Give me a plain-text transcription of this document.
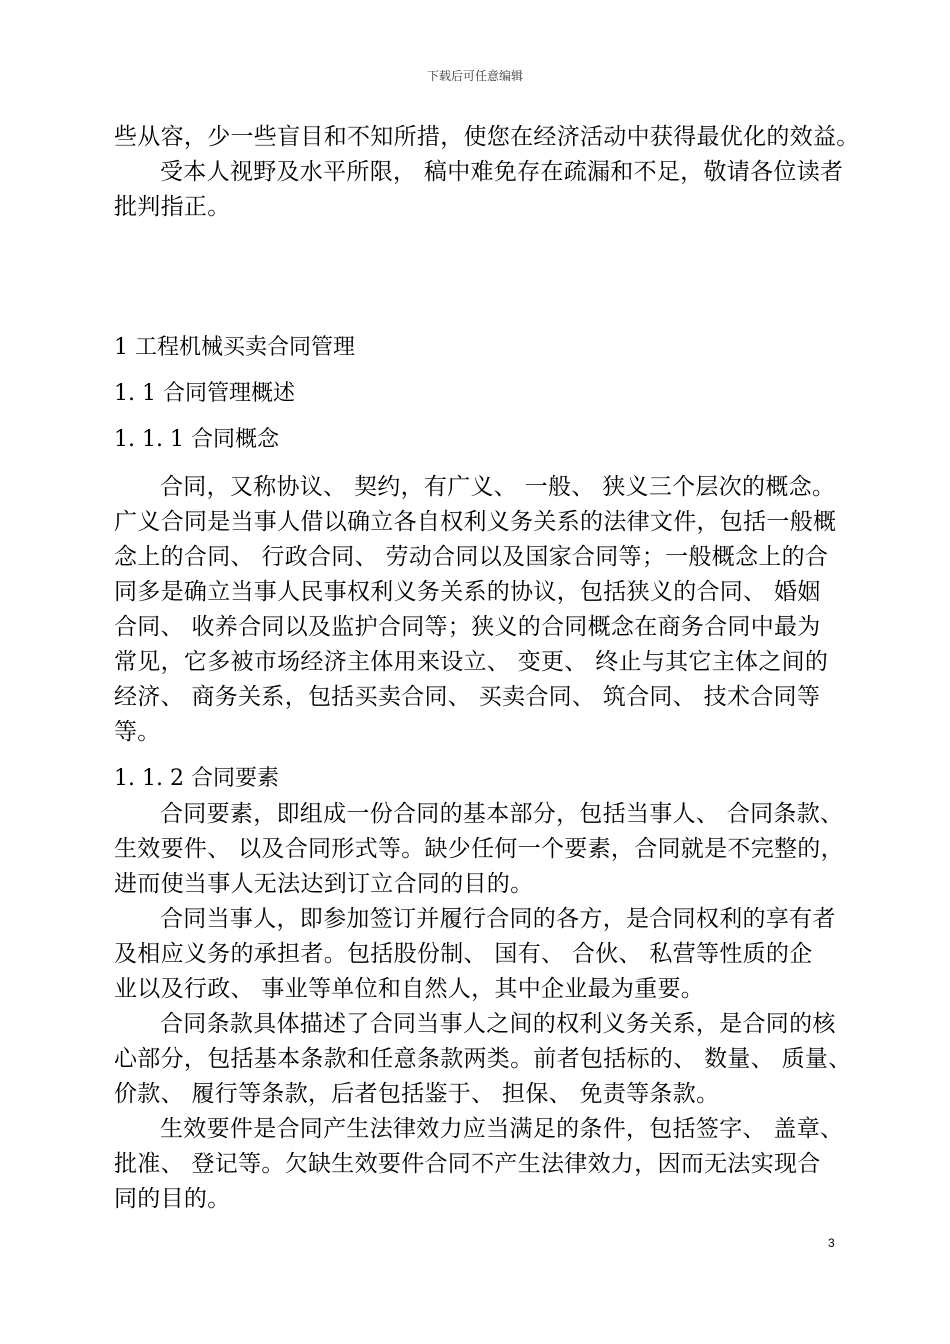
下载后可任意编辑
些从容，少一些盲目和不知所措，使您在经济活动中获得最优化的效益。
受本人视野及水平所限， 稿中难免存在疏漏和不足，敬请各位读者
批判指正。
1 工程机械买卖合同管理
1. 1 合同管理概述
1. 1. 1 合同概念
合同，又称协议、 契约，有广义、 一般、 狭义三个层次的概念。
广义合同是当事人借以确立各自权利义务关系的法律文件，包括一般概
念上的合同、 行政合同、 劳动合同以及国家合同等；一般概念上的合
同多是确立当事人民事权利义务关系的协议，包括狭义的合同、 婚姻
合同、 收养合同以及监护合同等；狭义的合同概念在商务合同中最为
常见，它多被市场经济主体用来设立、 变更、 终止与其它主体之间的
经济、 商务关系，包括买卖合同、 买卖合同、 筑合同、 技术合同等
等。
1. 1. 2 合同要素
合同要素，即组成一份合同的基本部分，包括当事人、 合同条款、
生效要件、 以及合同形式等。缺少任何一个要素，合同就是不完整的，
进而使当事人无法达到订立合同的目的。
合同当事人，即参加签订并履行合同的各方，是合同权利的享有者
及相应义务的承担者。包括股份制、 国有、 合伙、 私营等性质的企
业以及行政、 事业等单位和自然人，其中企业最为重要。
合同条款具体描述了合同当事人之间的权利义务关系，是合同的核
心部分，包括基本条款和任意条款两类。前者包括标的、 数量、 质量、
价款、 履行等条款，后者包括鉴于、 担保、 免责等条款。
生效要件是合同产生法律效力应当满足的条件，包括签字、 盖章、
批准、 登记等。欠缺生效要件合同不产生法律效力，因而无法实现合
同的目的。
3
